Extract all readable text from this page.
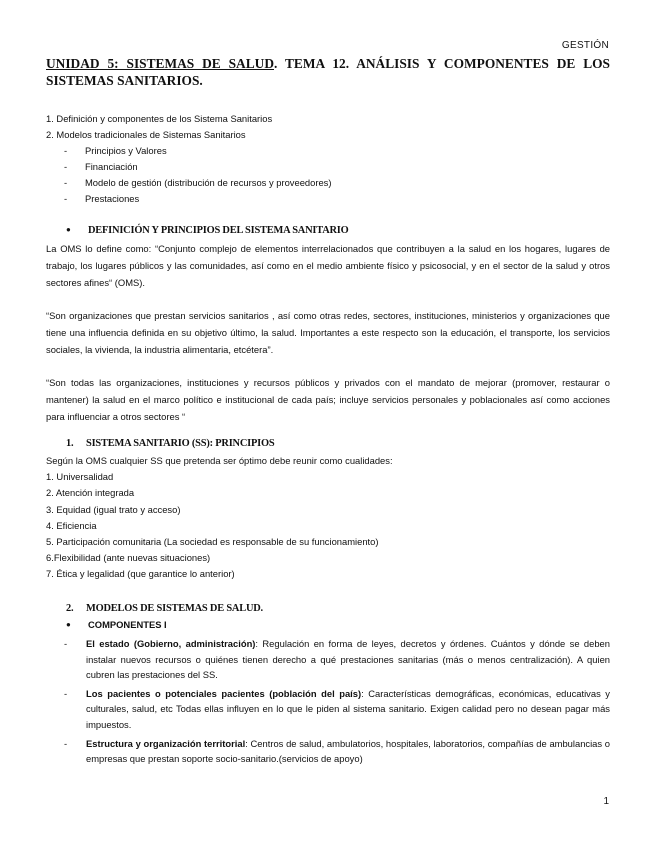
GESTIÓN
UNIDAD 5: SISTEMAS DE SALUD. TEMA 12. ANÁLISIS Y COMPONENTES DE LOS SISTEMAS SANITARIOS.
1. Definición y componentes de los Sistema Sanitarios
2. Modelos tradicionales de Sistemas Sanitarios
- Principios y Valores
- Financiación
- Modelo de gestión (distribución de recursos y proveedores)
- Prestaciones
● DEFINICIÓN Y PRINCIPIOS DEL SISTEMA SANITARIO
La OMS lo define como: “Conjunto complejo de elementos interrelacionados que contribuyen a la salud en los hogares, lugares de trabajo, los lugares públicos y las comunidades, así como en el medio ambiente físico y psicosocial, y en el sector de la salud y otros sectores afines“ (OMS).
“Son organizaciones que prestan servicios sanitarios , así como otras redes, sectores, instituciones, ministerios y organizaciones que tiene una influencia definida en su objetivo último, la salud. Importantes a este respecto son la educación, el transporte, los servicios sociales, la vivienda, la industria alimentaria, etcétera”.
“Son todas las organizaciones, instituciones y recursos públicos y privados con el mandato de mejorar (promover, restaurar o mantener) la salud en el marco político e institucional de cada país; incluye servicios personales y poblacionales así como acciones para influenciar a otros sectores “
1. SISTEMA SANITARIO (SS): PRINCIPIOS
Según la OMS cualquier SS que pretenda ser óptimo debe reunir como cualidades:
1. Universalidad
2. Atención integrada
3. Equidad (igual trato y acceso)
4. Eficiencia
5. Participación comunitaria (La sociedad es responsable de su funcionamiento)
6.Flexibilidad (ante nuevas situaciones)
7. Ética y legalidad (que garantice lo anterior)
2. MODELOS DE SISTEMAS DE SALUD.
● COMPONENTES I
- El estado (Gobierno, administración): Regulación en forma de leyes, decretos y órdenes. Cuántos y dónde se deben instalar nuevos recursos o quiénes tienen derecho a qué prestaciones sanitarias (más o menos centralización). A quien cubren las prestaciones del SS.
- Los pacientes o potenciales pacientes (población del país): Características demográficas, económicas, educativas y culturales, salud, etc Todas ellas influyen en lo que le piden al sistema sanitario. Exigen calidad pero no desean pagar más impuestos.
- Estructura y organización territorial: Centros de salud, ambulatorios, hospitales, laboratorios, compañías de ambulancias o empresas que prestan soporte socio-sanitario.(servicios de apoyo)
1
